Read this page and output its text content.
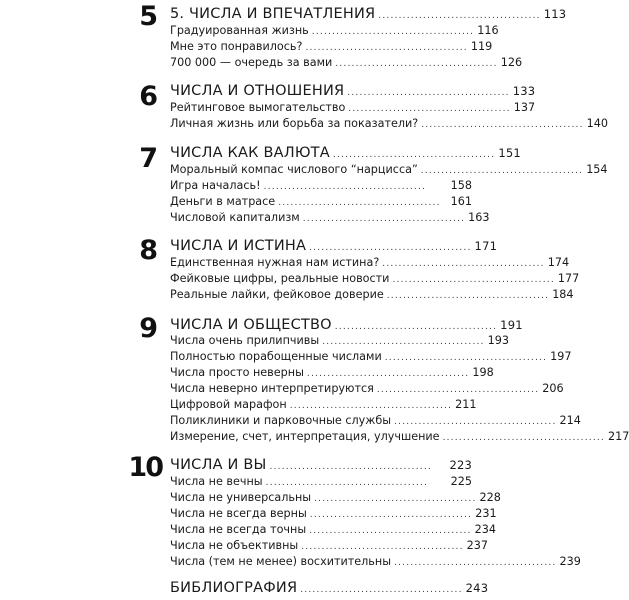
5 5. ЧИСЛА И ВПЕЧАТЛЕНИЯ ........................................ 113
Градуированная жизнь ........................................ 116
Мне это понравилось? ........................................ 119
700 000 — очередь за вами ........................................ 126
6 ЧИСЛА И ОТНОШЕНИЯ ........................................ 133
Рейтинговое вымогательство ........................................ 137
Личная жизнь или борьба за показатели? ........................................ 140
7 ЧИСЛА КАК ВАЛЮТА ........................................ 151
Моральный компас числового “нарцисса” ........................................ 154
Игра началась! ........................................	158
Деньги в матрасе ........................................ 161
Числовой капитализм ........................................ 163
8 ЧИСЛА И ИСТИНА ........................................ 171
Единственная нужная нам истина? ........................................ 174
Фейковые цифры, реальные новости ........................................ 177
Реальные лайки, фейковое доверие ........................................ 184
9 ЧИСЛА И ОБЩЕСТВО ........................................ 191
Числа очень прилипчивы ........................................ 193
Полностью порабощенные числами ........................................ 197
Числа просто неверны ........................................ 198
Числа неверно интерпретируются ........................................ 206
Цифровой марафон ........................................ 211
Поликлиники и парковочные службы ........................................ 214
Измерение, счет, интерпретация, улучшение ........................................ 217
10 ЧИСЛА И ВЫ ........................................	223
Числа не вечны ........................................	225
Числа не универсальны ........................................ 228
Числа не всегда верны ........................................ 231
Числа не всегда точны ........................................ 234
Числа не объективны ........................................ 237
Числа (тем не менее) восхитительны ........................................ 239
БИБЛИОГРАФИЯ ........................................ 243
